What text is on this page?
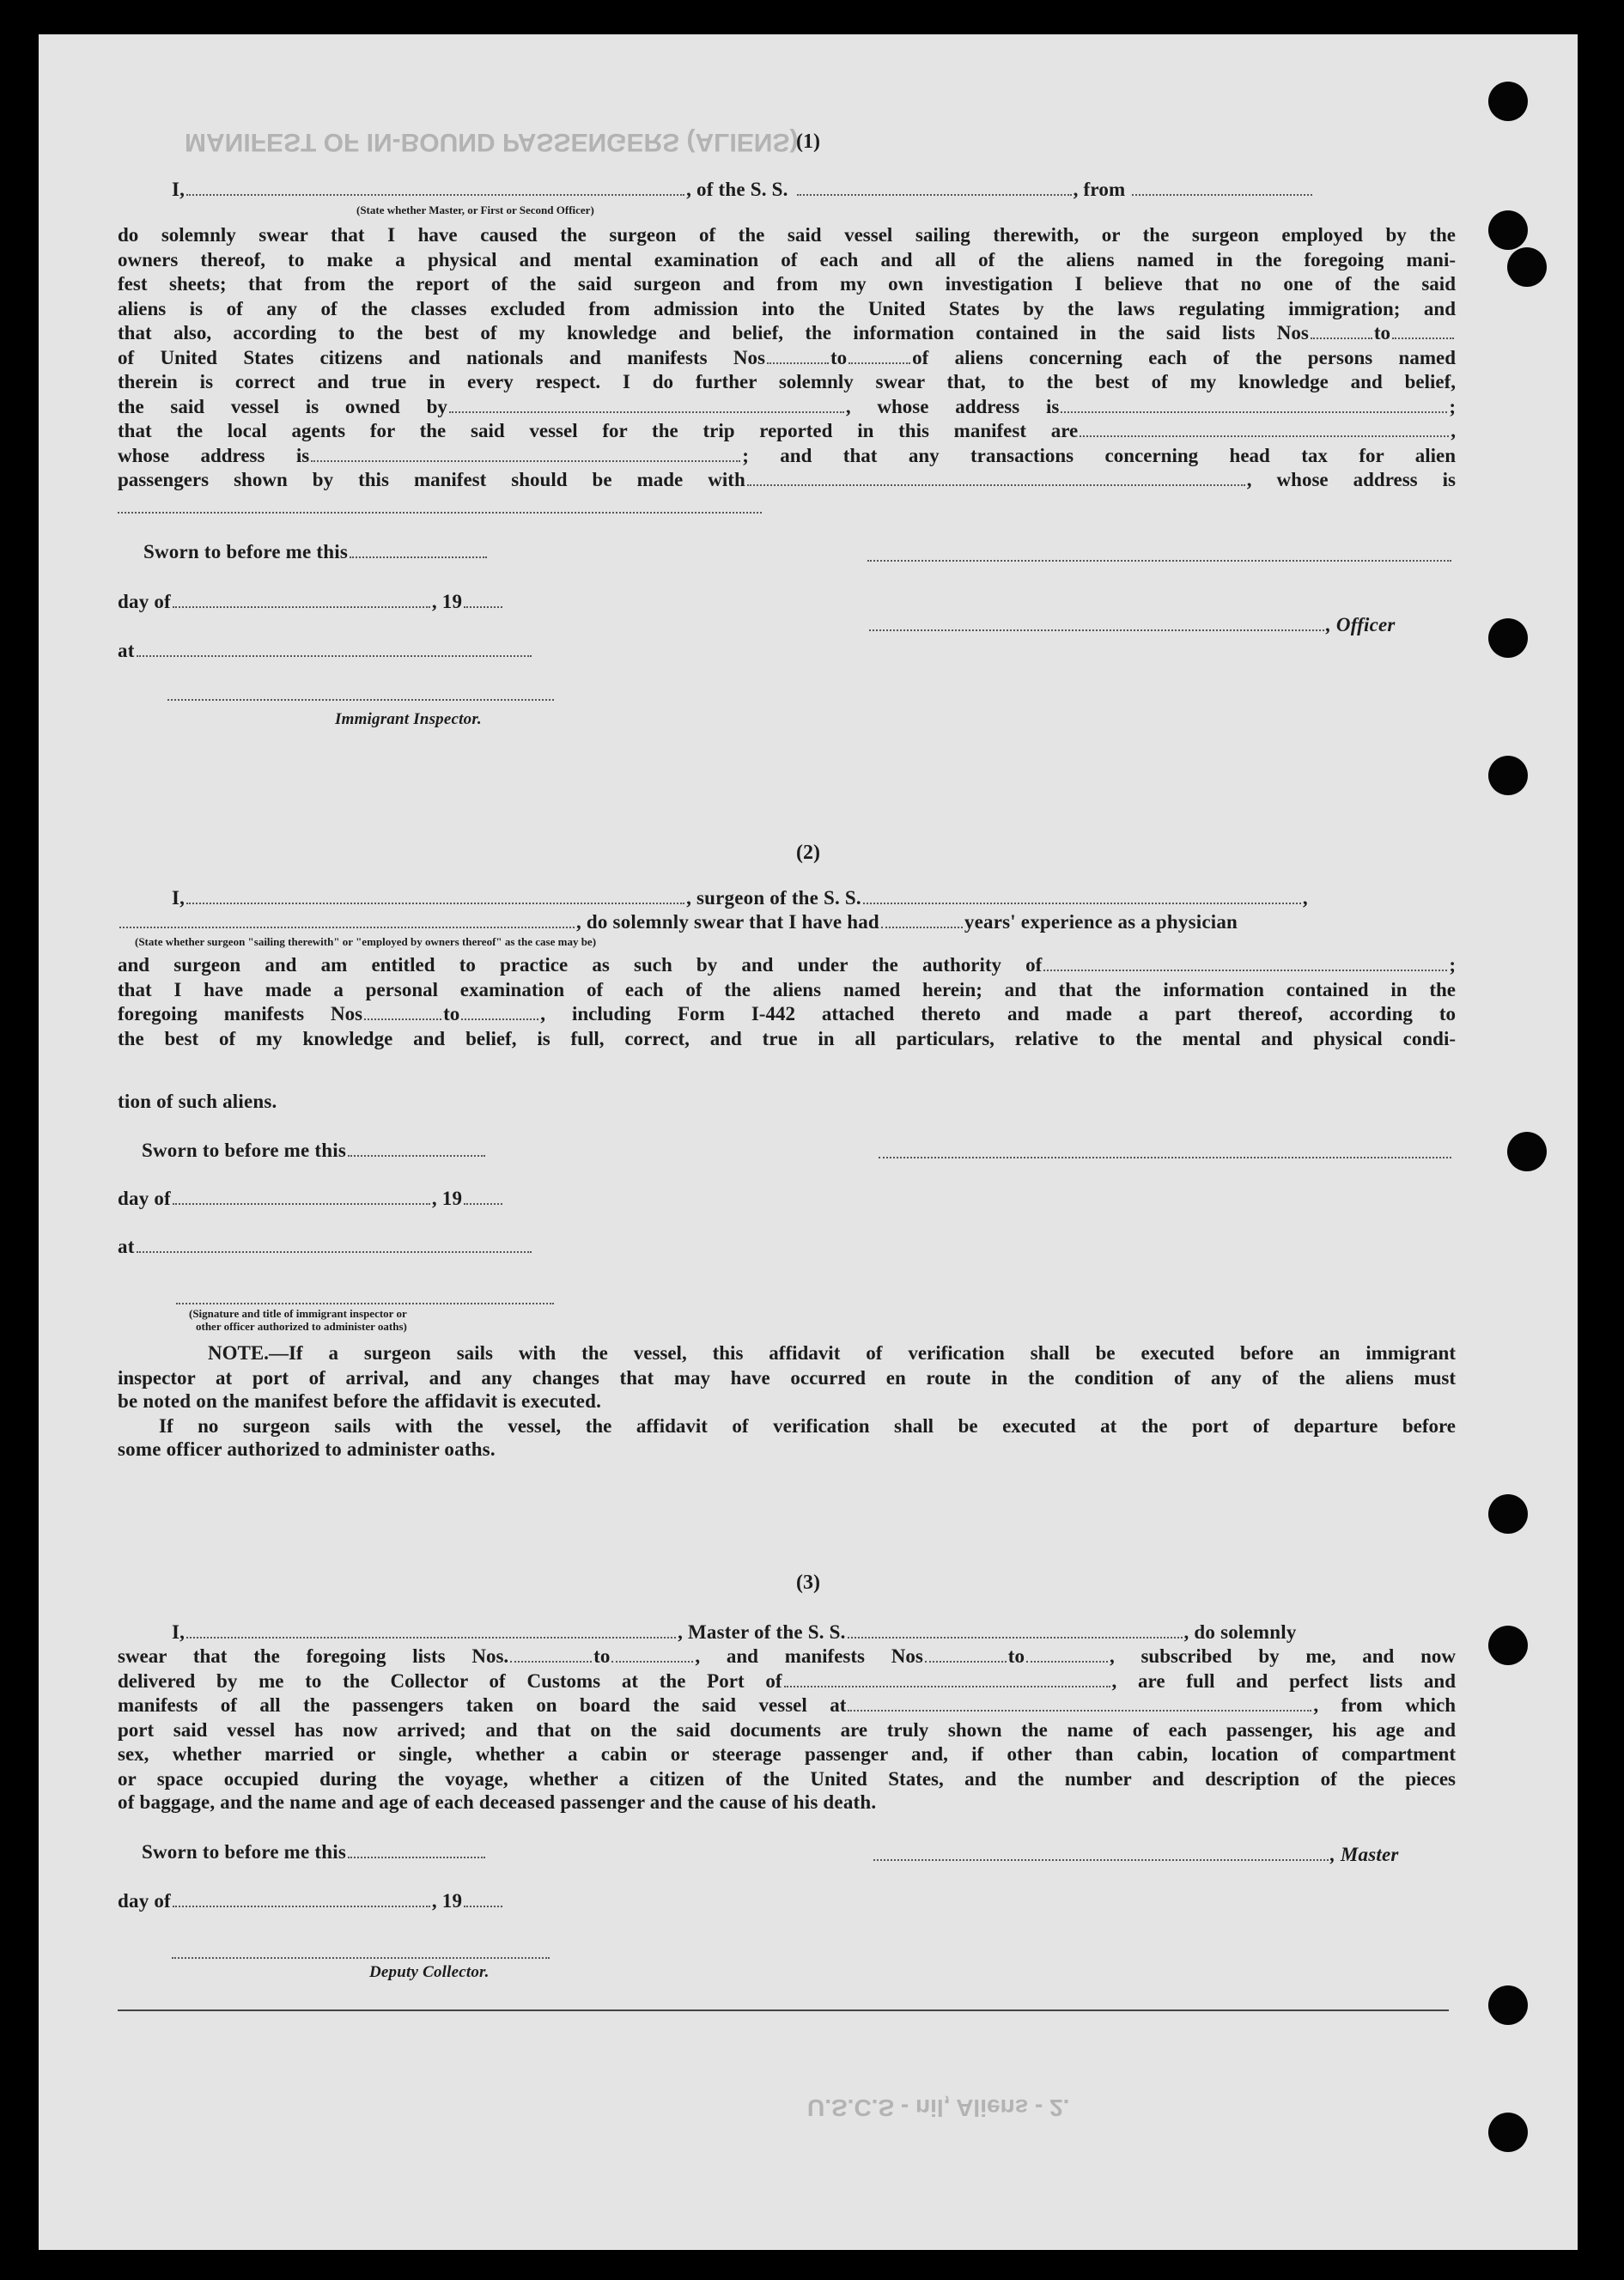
MANIFEST OF IN-BOUND PASSENGERS (ALIENS)
U.S.C.S - nil, Aliens - 2.
(1)
I,	, of the S. S.	, from
(State whether Master, or First or Second Officer)
do solemnly swear that I have caused the surgeon of the said vessel sailing therewith, or the surgeon employed by the
owners thereof, to make a physical and mental examination of each and all of the aliens named in the foregoing mani-
fest sheets; that from the report of the said surgeon and from my own investigation I believe that no one of the said
aliens is of any of the classes excluded from admission into the United States by the laws regulating immigration; and
that also, according to the best of my knowledge and belief, the information contained in the said lists Nos	to
of United States citizens and nationals and manifests Nos	to	of aliens concerning each of the persons named
therein is correct and true in every respect. I do further solemnly swear that, to the best of my knowledge and belief,
the said vessel is owned by	, whose address is	;
that the local agents for the said vessel for the trip reported in this manifest are	,
whose address is	; and that any transactions concerning head tax for alien
passengers shown by this manifest should be made with	, whose address is
Sworn to before me this
day of	, 19
, Officer
at
Immigrant Inspector.
(2)
I,	, surgeon of the S. S.	,
, do solemnly swear that I have had	years' experience as a physician
(State whether surgeon "sailing therewith" or "employed by owners thereof" as the case may be)
and surgeon and am entitled to practice as such by and under the authority of	;
that I have made a personal examination of each of the aliens named herein; and that the information contained in the
foregoing manifests Nos	to	, including Form I-442 attached thereto and made a part thereof, according to
the best of my knowledge and belief, is full, correct, and true in all particulars, relative to the mental and physical condi-
tion of such aliens.
Sworn to before me this
day of	, 19
at
(Signature and title of immigrant inspector or
other officer authorized to administer oaths)
NOTE.—If a surgeon sails with the vessel, this affidavit of verification shall be executed before an immigrant
inspector at port of arrival, and any changes that may have occurred en route in the condition of any of the aliens must
be noted on the manifest before the affidavit is executed.
If no surgeon sails with the vessel, the affidavit of verification shall be executed at the port of departure before
some officer authorized to administer oaths.
(3)
I,	, Master of the S. S.	, do solemnly
swear that the foregoing lists Nos.	to	, and manifests Nos	to	, subscribed by me, and now
delivered by me to the Collector of Customs at the Port of	, are full and perfect lists and
manifests of all the passengers taken on board the said vessel at	, from which
port said vessel has now arrived; and that on the said documents are truly shown the name of each passenger, his age and
sex, whether married or single, whether a cabin or steerage passenger and, if other than cabin, location of compartment
or space occupied during the voyage, whether a citizen of the United States, and the number and description of the pieces
of baggage, and the name and age of each deceased passenger and the cause of his death.
Sworn to before me this	, Master
day of	, 19
Deputy Collector.
